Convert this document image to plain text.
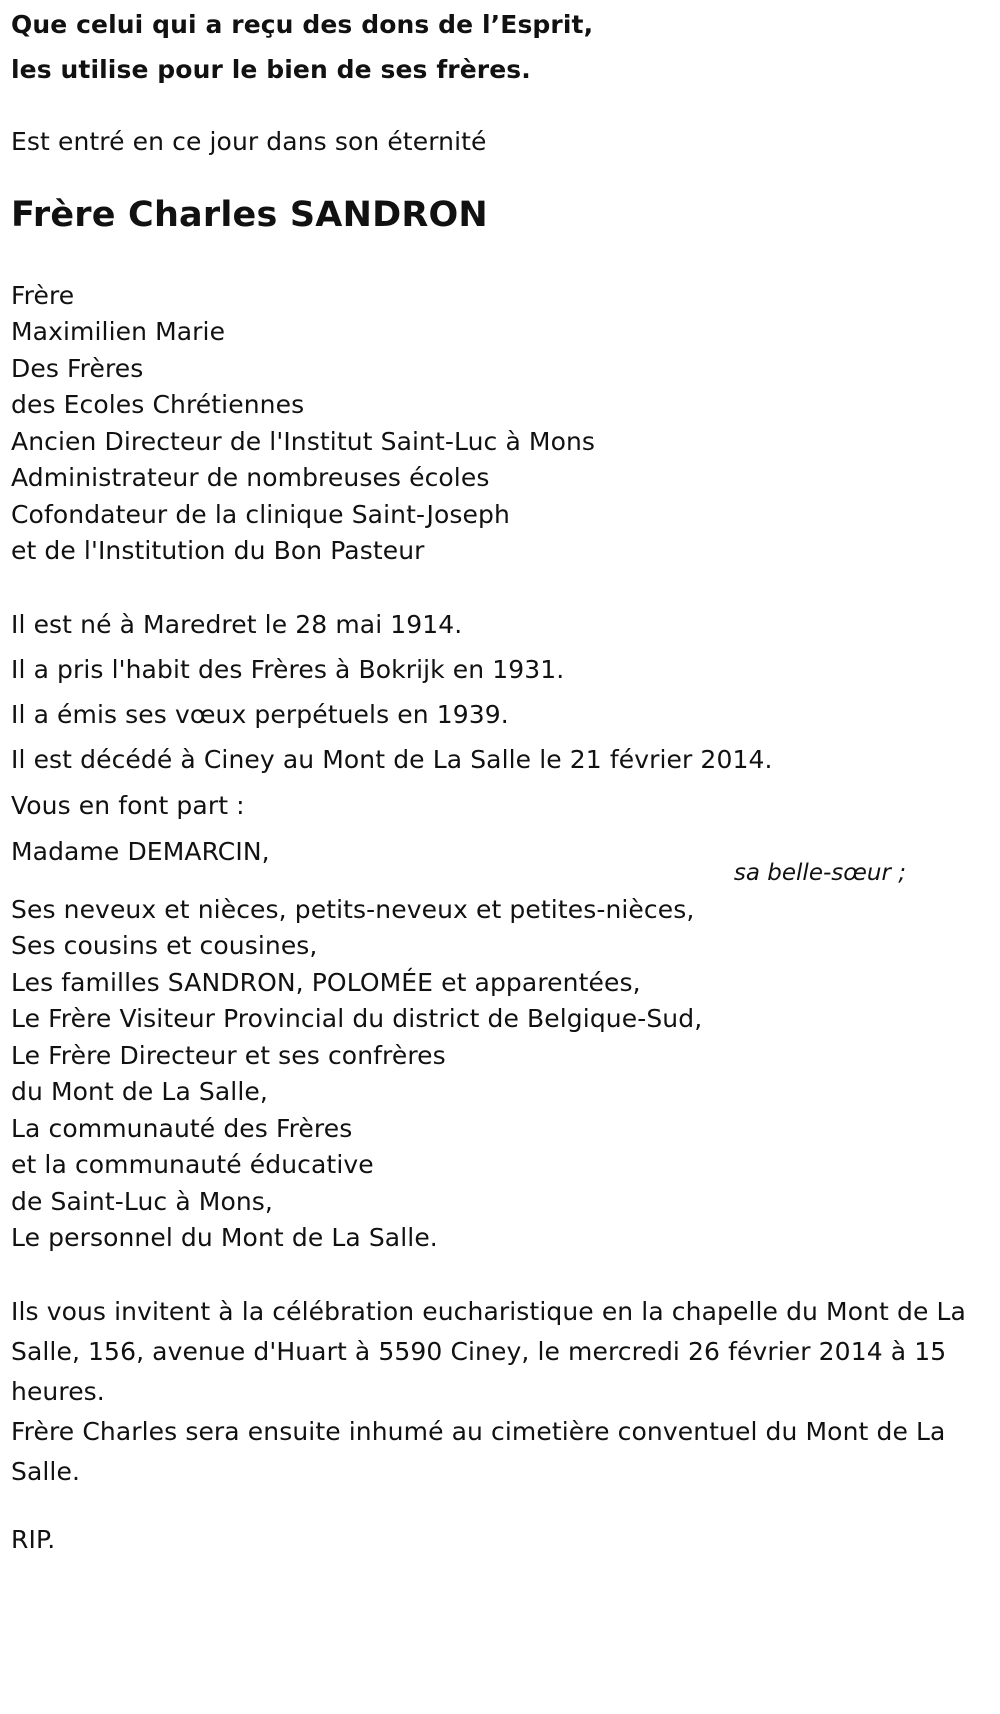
Que celui qui a reçu des dons de l’Esprit,
les utilise pour le bien de ses frères.
Est entré en ce jour dans son éternité
Frère Charles SANDRON
Frère
Maximilien Marie
Des Frères
des Ecoles Chrétiennes
Ancien Directeur de l'Institut Saint-Luc à Mons
Administrateur de nombreuses écoles
Cofondateur de la clinique Saint-Joseph
et de l'Institution du Bon Pasteur
Il est né à Maredret le 28 mai 1914.
Il a pris l'habit des Frères à Bokrijk en 1931.
Il a émis ses vœux perpétuels en 1939.
Il est décédé à Ciney au Mont de La Salle le 21 février 2014.
Vous en font part :
Madame DEMARCIN,
sa belle-sœur ;
Ses neveux et nièces, petits-neveux et petites-nièces,
Ses cousins et cousines,
Les familles SANDRON, POLOMÉE et apparentées,
Le Frère Visiteur Provincial du district de Belgique-Sud,
Le Frère Directeur et ses confrères
du Mont de La Salle,
La communauté des Frères
et la communauté éducative
de Saint-Luc à Mons,
Le personnel du Mont de La Salle.
Ils vous invitent à la célébration eucharistique en la chapelle du Mont de La Salle, 156, avenue d'Huart à 5590 Ciney, le mercredi 26 février 2014 à 15 heures.
Frère Charles sera ensuite inhumé au cimetière conventuel du Mont de La Salle.
RIP.
